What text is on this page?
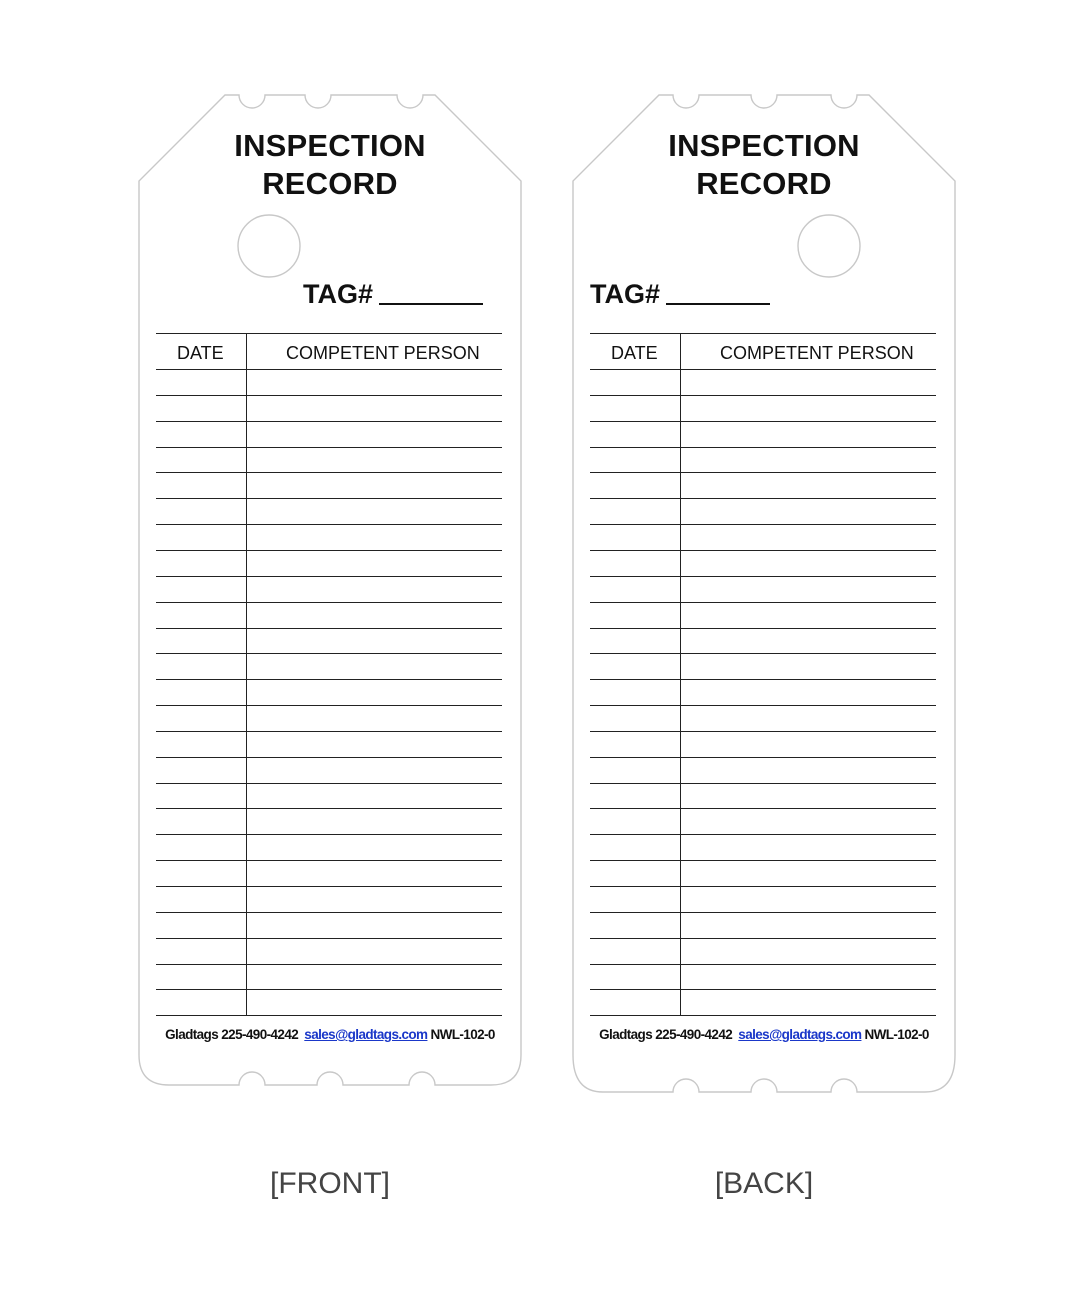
INSPECTION
RECORD
TAG#
DATE	COMPETENT PERSON
Gladtags 225-490-4242 sales@gladtags.com NWL-102-0
INSPECTION
RECORD
TAG#
DATE	COMPETENT PERSON
Gladtags 225-490-4242 sales@gladtags.com NWL-102-0
[FRONT]	[BACK]
